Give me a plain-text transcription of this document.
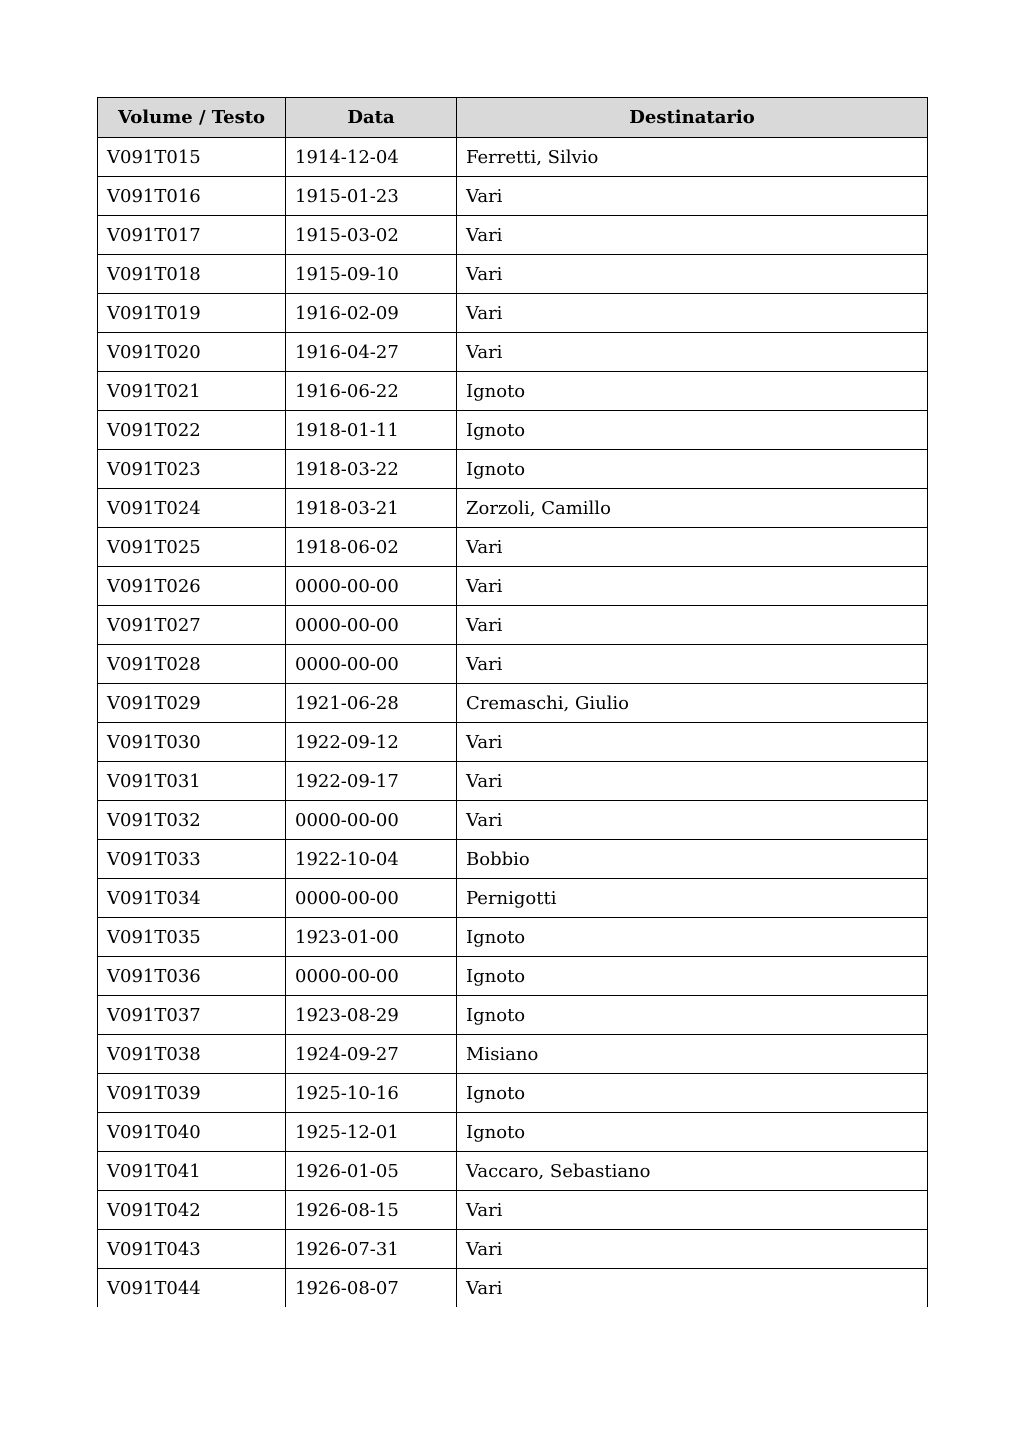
Volume / Testo	Data	Destinatario
V091T015	1914-12-04	Ferretti, Silvio
V091T016	1915-01-23	Vari
V091T017	1915-03-02	Vari
V091T018	1915-09-10	Vari
V091T019	1916-02-09	Vari
V091T020	1916-04-27	Vari
V091T021	1916-06-22	Ignoto
V091T022	1918-01-11	Ignoto
V091T023	1918-03-22	Ignoto
V091T024	1918-03-21	Zorzoli, Camillo
V091T025	1918-06-02	Vari
V091T026	0000-00-00	Vari
V091T027	0000-00-00	Vari
V091T028	0000-00-00	Vari
V091T029	1921-06-28	Cremaschi, Giulio
V091T030	1922-09-12	Vari
V091T031	1922-09-17	Vari
V091T032	0000-00-00	Vari
V091T033	1922-10-04	Bobbio
V091T034	0000-00-00	Pernigotti
V091T035	1923-01-00	Ignoto
V091T036	0000-00-00	Ignoto
V091T037	1923-08-29	Ignoto
V091T038	1924-09-27	Misiano
V091T039	1925-10-16	Ignoto
V091T040	1925-12-01	Ignoto
V091T041	1926-01-05	Vaccaro, Sebastiano
V091T042	1926-08-15	Vari
V091T043	1926-07-31	Vari
V091T044	1926-08-07	Vari
